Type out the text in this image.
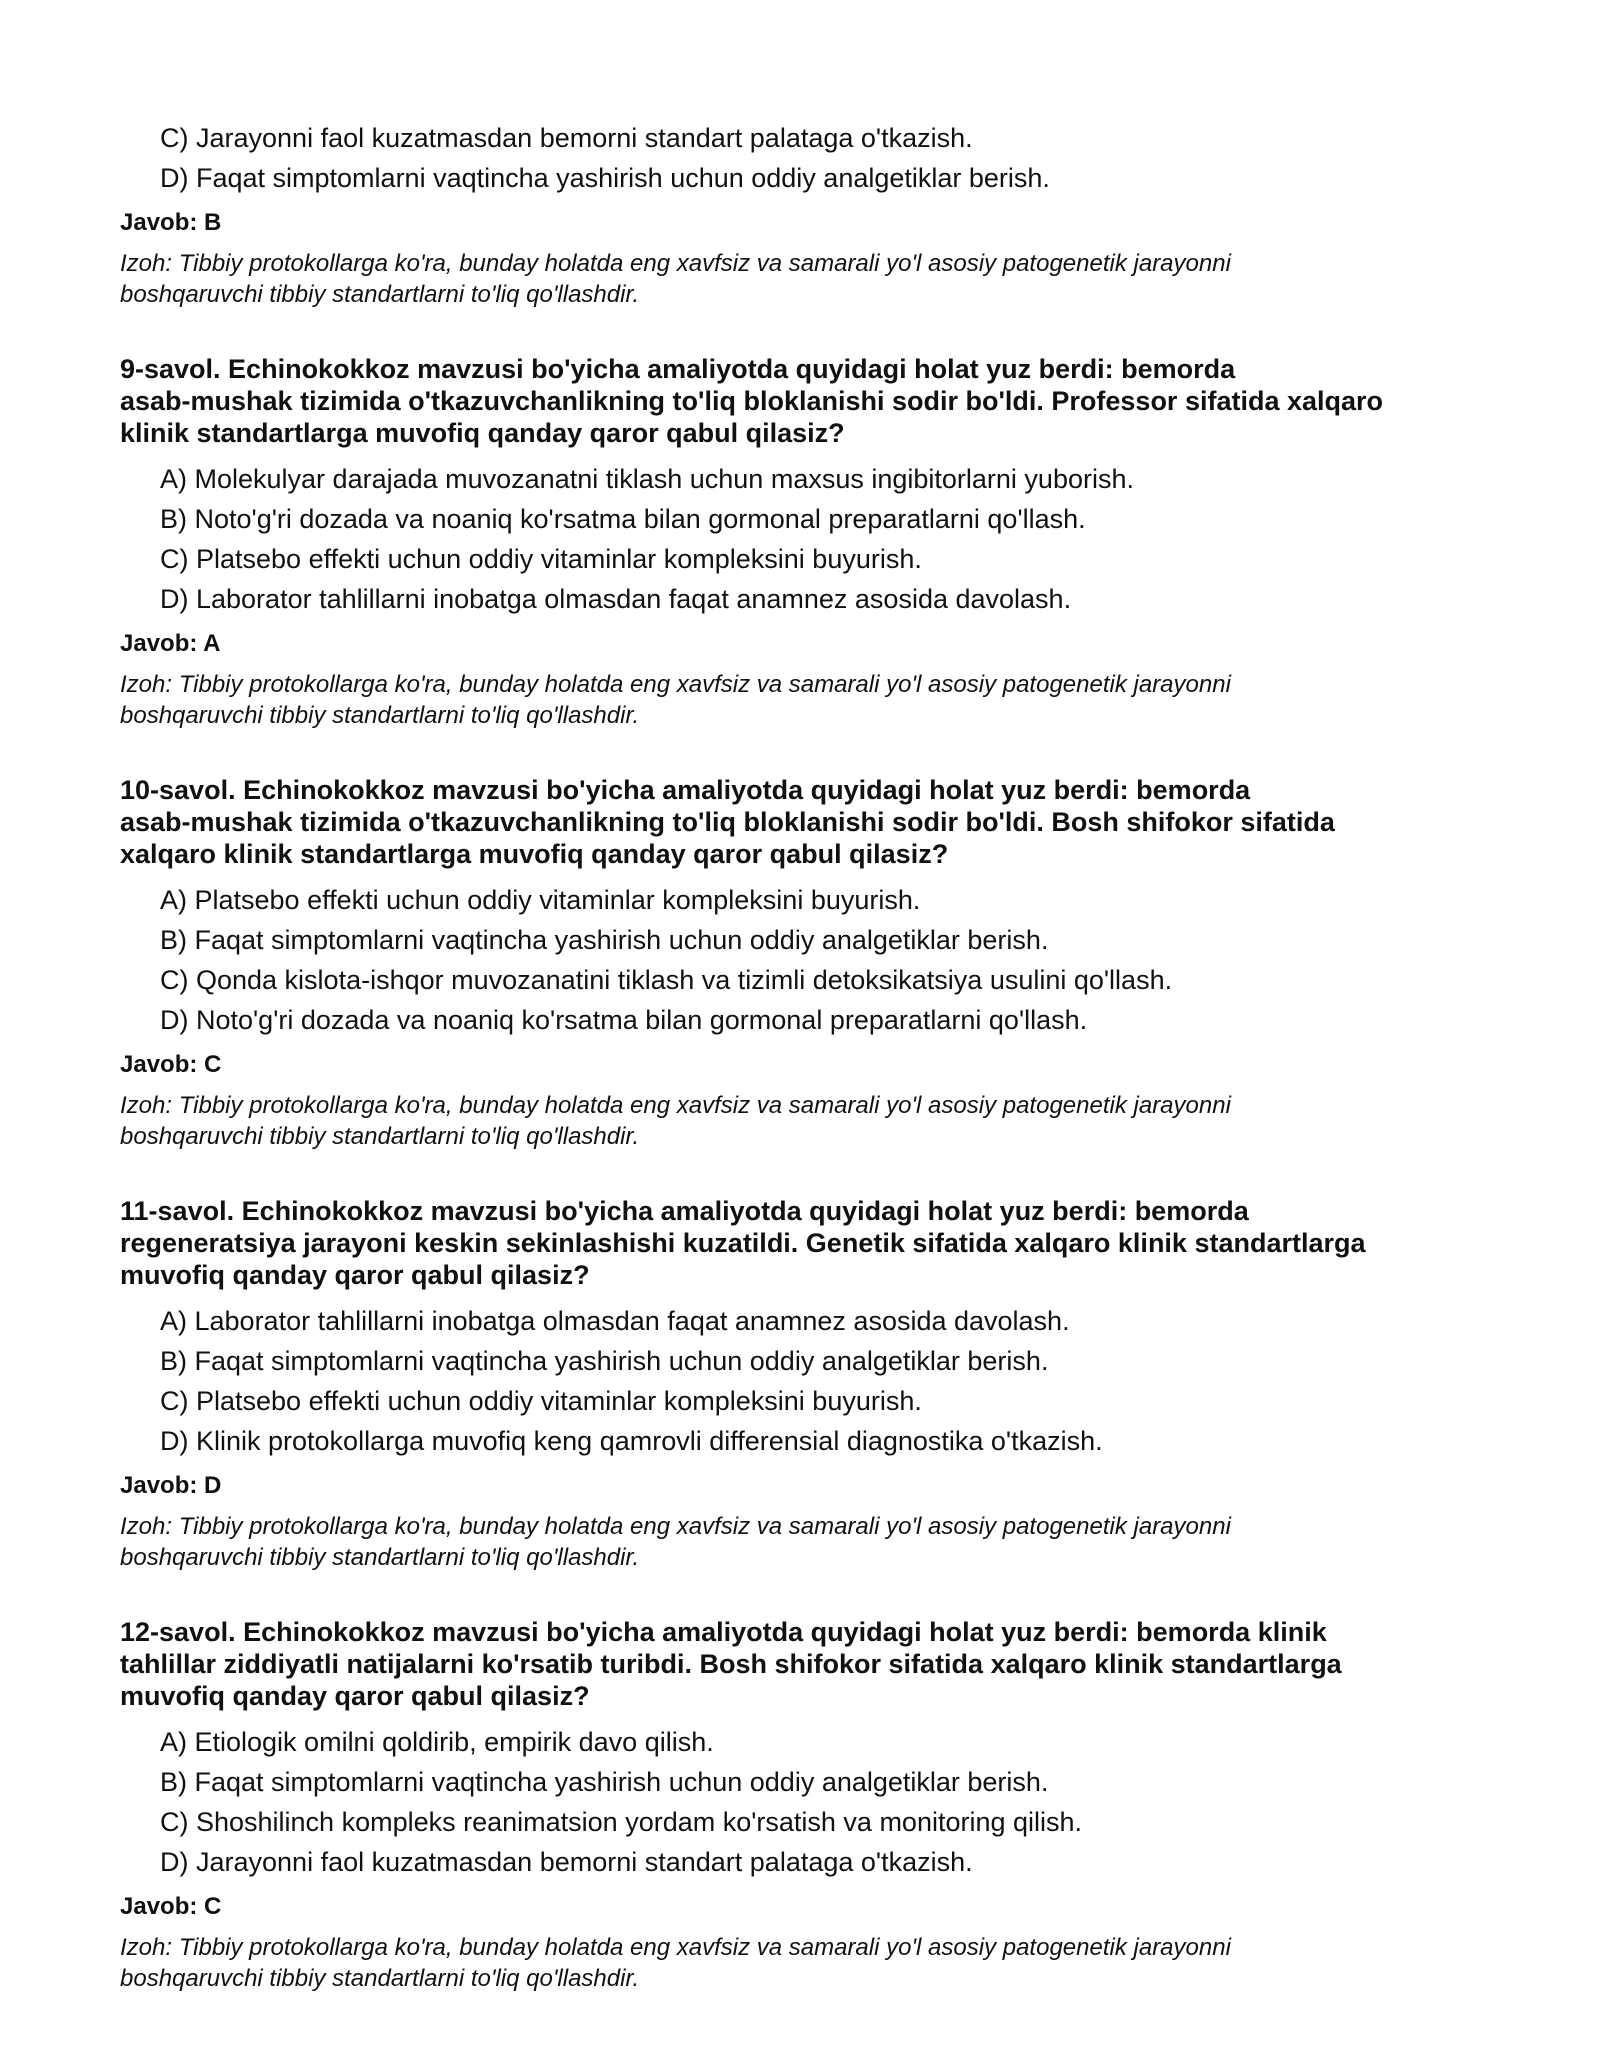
C) Jarayonni faol kuzatmasdan bemorni standart palataga o'tkazish.

D) Faqat simptomlarni vaqtincha yashirish uchun oddiy analgetiklar berish.

Javob: B

Izoh: Tibbiy protokollarga ko'ra, bunday holatda eng xavfsiz va samarali yo'l asosiy patogenetik jarayonni

boshqaruvchi tibbiy standartlarni to'liq qo'llashdir.

9-savol. Echinokokkoz mavzusi bo'yicha amaliyotda quyidagi holat yuz berdi: bemorda
asab-mushak tizimida o'tkazuvchanlikning to'liq bloklanishi sodir bo'ldi. Professor sifatida xalqaro
klinik standartlarga muvofiq qanday qaror qabul qilasiz?

A) Molekulyar darajada muvozanatni tiklash uchun maxsus ingibitorlarni yuborish.

B) Noto'g'ri dozada va noaniq ko'rsatma bilan gormonal preparatlarni qo'llash.

C) Platsebo effekti uchun oddiy vitaminlar kompleksini buyurish.

D) Laborator tahlillarni inobatga olmasdan faqat anamnez asosida davolash.

Javob: A

Izoh: Tibbiy protokollarga ko'ra, bunday holatda eng xavfsiz va samarali yo'l asosiy patogenetik jarayonni

boshqaruvchi tibbiy standartlarni to'liq qo'llashdir.

10-savol. Echinokokkoz mavzusi bo'yicha amaliyotda quyidagi holat yuz berdi: bemorda
asab-mushak tizimida o'tkazuvchanlikning to'liq bloklanishi sodir bo'ldi. Bosh shifokor sifatida
xalqaro klinik standartlarga muvofiq qanday qaror qabul qilasiz?

A) Platsebo effekti uchun oddiy vitaminlar kompleksini buyurish.

B) Faqat simptomlarni vaqtincha yashirish uchun oddiy analgetiklar berish.

C) Qonda kislota-ishqor muvozanatini tiklash va tizimli detoksikatsiya usulini qo'llash.

D) Noto'g'ri dozada va noaniq ko'rsatma bilan gormonal preparatlarni qo'llash.

Javob: C

Izoh: Tibbiy protokollarga ko'ra, bunday holatda eng xavfsiz va samarali yo'l asosiy patogenetik jarayonni

boshqaruvchi tibbiy standartlarni to'liq qo'llashdir.

11-savol. Echinokokkoz mavzusi bo'yicha amaliyotda quyidagi holat yuz berdi: bemorda
regeneratsiya jarayoni keskin sekinlashishi kuzatildi. Genetik sifatida xalqaro klinik standartlarga
muvofiq qanday qaror qabul qilasiz?

A) Laborator tahlillarni inobatga olmasdan faqat anamnez asosida davolash.

B) Faqat simptomlarni vaqtincha yashirish uchun oddiy analgetiklar berish.

C) Platsebo effekti uchun oddiy vitaminlar kompleksini buyurish.

D) Klinik protokollarga muvofiq keng qamrovli differensial diagnostika o'tkazish.

Javob: D

Izoh: Tibbiy protokollarga ko'ra, bunday holatda eng xavfsiz va samarali yo'l asosiy patogenetik jarayonni

boshqaruvchi tibbiy standartlarni to'liq qo'llashdir.

12-savol. Echinokokkoz mavzusi bo'yicha amaliyotda quyidagi holat yuz berdi: bemorda klinik
tahlillar ziddiyatli natijalarni ko'rsatib turibdi. Bosh shifokor sifatida xalqaro klinik standartlarga
muvofiq qanday qaror qabul qilasiz?

A) Etiologik omilni qoldirib, empirik davo qilish.

B) Faqat simptomlarni vaqtincha yashirish uchun oddiy analgetiklar berish.

C) Shoshilinch kompleks reanimatsion yordam ko'rsatish va monitoring qilish.

D) Jarayonni faol kuzatmasdan bemorni standart palataga o'tkazish.

Javob: C

Izoh: Tibbiy protokollarga ko'ra, bunday holatda eng xavfsiz va samarali yo'l asosiy patogenetik jarayonni

boshqaruvchi tibbiy standartlarni to'liq qo'llashdir.
